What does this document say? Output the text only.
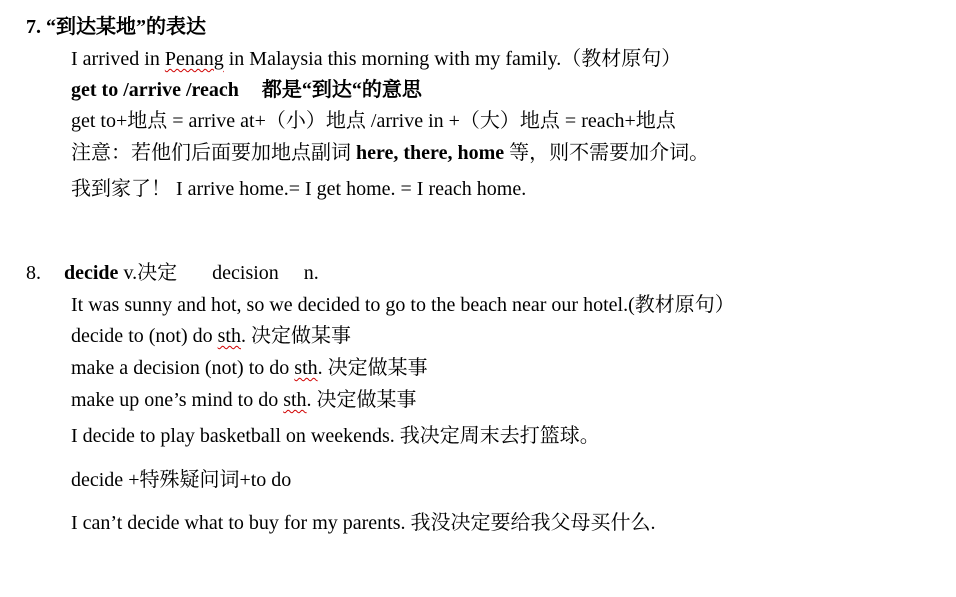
7. “到达某地”的表达
I arrived in Penang in Malaysia this morning with my family.（教材原句）
get to /arrive /reach 都是“到达“的意思
get to+地点 = arrive at+（小）地点 /arrive in +（大）地点 = reach+地点
注意：若他们后面要加地点副词 here, there, home 等，则不需要加介词。
我到家了！ I arrive home.= I get home. = I reach home.
8. decide v.决定 decision n.
It was sunny and hot, so we decided to go to the beach near our hotel.(教材原句）
decide to (not) do sth. 决定做某事
make a decision (not) to do sth. 决定做某事
make up one’s mind to do sth. 决定做某事
I decide to play basketball on weekends. 我决定周末去打篮球。
decide +特殊疑问词+to do
I can’t decide what to buy for my parents. 我没决定要给我父母买什么.
